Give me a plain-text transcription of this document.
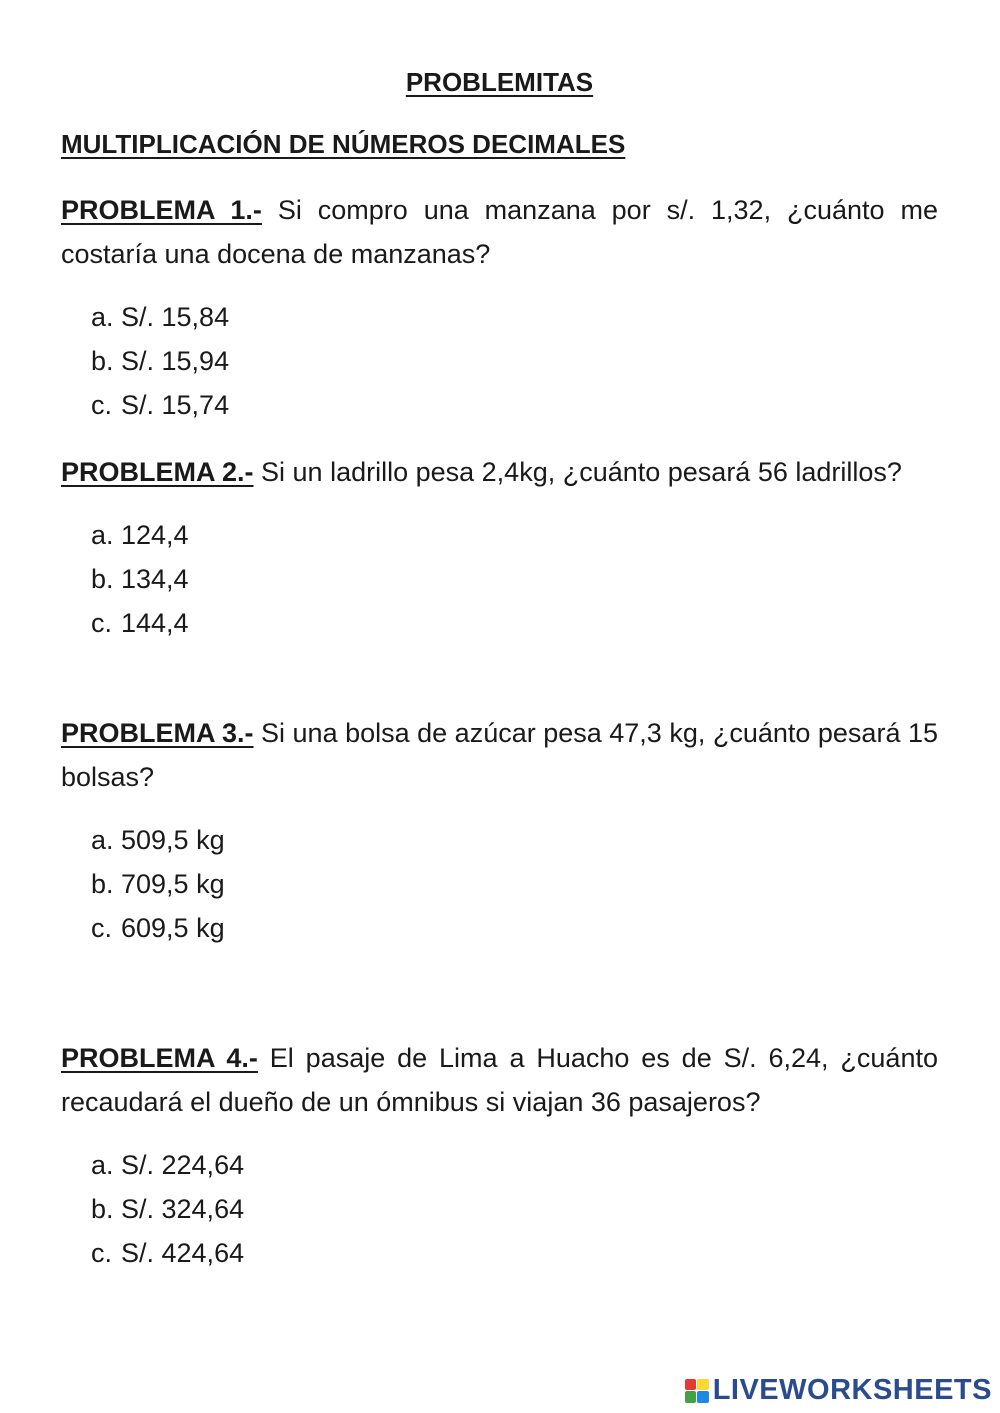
PROBLEMITAS
MULTIPLICACIÓN DE NÚMEROS DECIMALES

PROBLEMA 1.- Si compro una manzana por s/. 1,32, ¿cuánto me costaría una docena de manzanas?

a. S/. 15,84
b. S/. 15,94
c. S/. 15,74

PROBLEMA 2.- Si un ladrillo pesa 2,4kg, ¿cuánto pesará 56 ladrillos?

a. 124,4
b. 134,4
c. 144,4

PROBLEMA 3.- Si una bolsa de azúcar pesa 47,3 kg, ¿cuánto pesará 15 bolsas?

a. 509,5 kg
b. 709,5 kg
c. 609,5 kg

PROBLEMA 4.- El pasaje de Lima a Huacho es de S/. 6,24, ¿cuánto recaudará el dueño de un ómnibus si viajan 36 pasajeros?

a. S/. 224,64
b. S/. 324,64
c. S/. 424,64
LIVEWORKSHEETS
